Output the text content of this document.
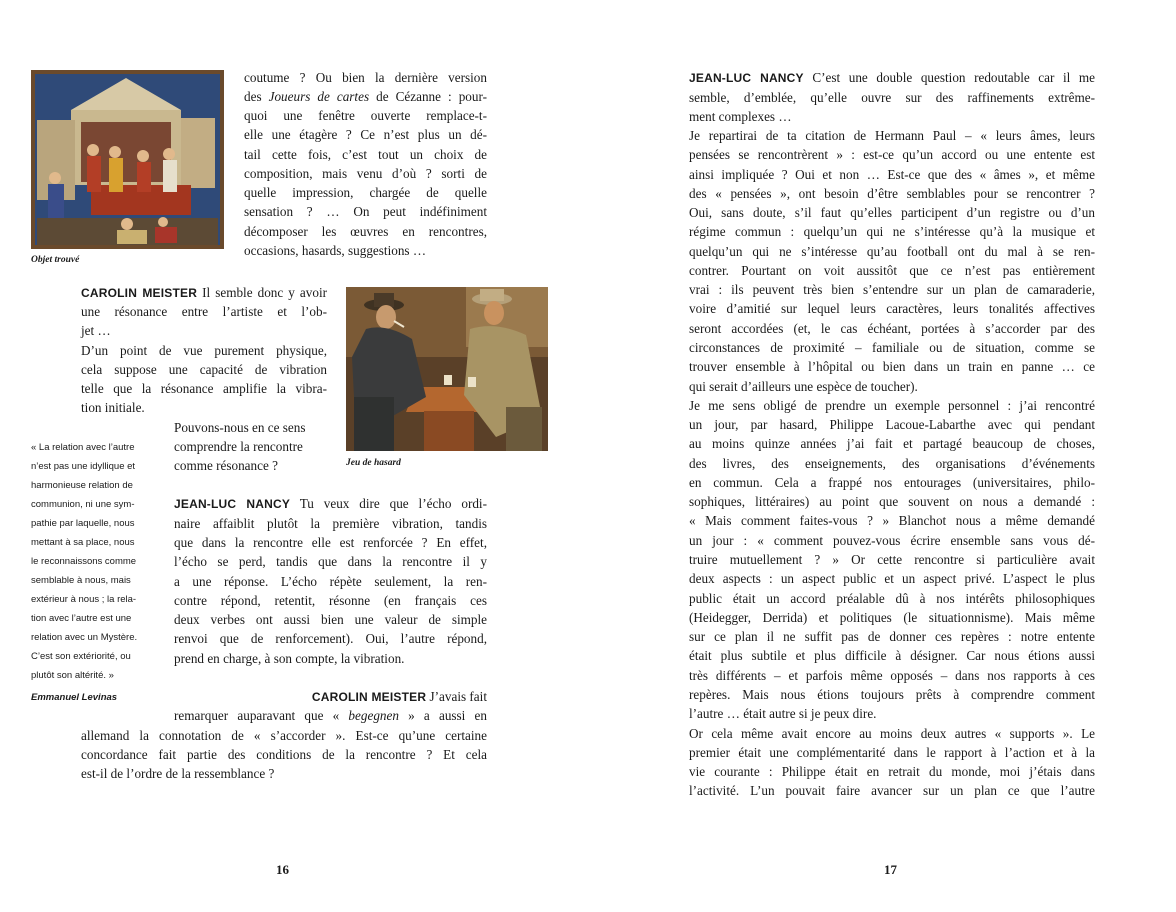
Objet trouvé
coutume ? Ou bien la dernière version
des Joueurs de cartes de Cézanne : pour-
quoi une fenêtre ouverte remplace-t-
elle une étagère ? Ce n’est plus un dé-
tail cette fois, c’est tout un choix de
composition, mais venu d’où ? sorti de
quelle impression, chargée de quelle
sensation ? … On peut indéfiniment
décomposer les œuvres en rencontres,
occasions, hasards, suggestions …
Jeu de hasard
CAROLIN MEISTER Il semble donc y avoir
une résonance entre l’artiste et l’ob-
jet …
D’un point de vue purement physique,
cela suppose une capacité de vibration
telle que la résonance amplifie la vibra-
tion initiale.
Pouvons-nous en ce sens
comprendre la rencontre
comme résonance ?
« La relation avec l’autre
n’est pas une idyllique et
harmonieuse relation de
communion, ni une sym-
pathie par laquelle, nous
mettant à sa place, nous
le reconnaissons comme
semblable à nous, mais
extérieur à nous ; la rela-
tion avec l’autre est une
relation avec un Mystère.
C’est son extériorité, ou
plutôt son altérité. »
Emmanuel Levinas
JEAN-LUC NANCY Tu veux dire que l’écho ordi-
naire affaiblit plutôt la première vibration, tandis
que dans la rencontre elle est renforcée ? En effet,
l’écho se perd, tandis que dans la rencontre il y
a une réponse. L’écho répète seulement, la ren-
contre répond, retentit, résonne (en français ces
deux verbes ont aussi bien une valeur de simple
renvoi que de renforcement). Oui, l’autre répond,
prend en charge, à son compte, la vibration.
CAROLIN MEISTER J’avais fait
remarquer auparavant que « begegnen » a aussi en
allemand la connotation de « s’accorder ». Est-ce qu’une certaine
concordance fait partie des conditions de la rencontre ? Et cela
est-il de l’ordre de la ressemblance ?
16
JEAN-LUC NANCY C’est une double question redoutable car il me
semble, d’emblée, qu’elle ouvre sur des raffinements extrême-
ment complexes …
Je repartirai de ta citation de Hermann Paul – « leurs âmes, leurs
pensées se rencontrèrent » : est-ce qu’un accord ou une entente est
ainsi impliquée ? Oui et non … Est-ce que des « âmes », et même
des « pensées », ont besoin d’être semblables pour se rencontrer ?
Oui, sans doute, s’il faut qu’elles participent d’un registre ou d’un
régime commun : quelqu’un qui ne s’intéresse qu’à la musique et
quelqu’un qui ne s’intéresse qu’au football ont du mal à se ren-
contrer. Pourtant on voit aussitôt que ce n’est pas entièrement
vrai : ils peuvent très bien s’entendre sur un plan de camaraderie,
voire d’amitié sur lequel leurs caractères, leurs tonalités affectives
seront accordées (et, le cas échéant, portées à s’accorder par des
circonstances de proximité – familiale ou de situation, comme se
trouver ensemble à l’hôpital ou bien dans un train en panne … ce
qui serait d’ailleurs une espèce de toucher).
Je me sens obligé de prendre un exemple personnel : j’ai rencontré
un jour, par hasard, Philippe Lacoue-Labarthe avec qui pendant
au moins quinze années j’ai fait et partagé beaucoup de choses,
des livres, des enseignements, des organisations d’événements
en commun. Cela a frappé nos entourages (universitaires, philo-
sophiques, littéraires) au point que souvent on nous a demandé :
« Mais comment faites-vous ? » Blanchot nous a même demandé
un jour : « comment pouvez-vous écrire ensemble sans vous dé-
truire mutuellement ? » Or cette rencontre si particulière avait
deux aspects : un aspect public et un aspect privé. L’aspect le plus
public était un accord préalable dû à nos intérêts philosophiques
(Heidegger, Derrida) et politiques (le situationnisme). Mais même
sur ce plan il ne suffit pas de donner ces repères : notre entente
était plus subtile et plus difficile à désigner. Car nous étions aussi
très différents – et parfois même opposés – dans nos rapports à ces
repères. Mais nous étions toujours prêts à comprendre comment
l’autre … était autre si je peux dire.
Or cela même avait encore au moins deux autres « supports ». Le
premier était une complémentarité dans le rapport à l’action et à la
vie courante : Philippe était en retrait du monde, moi j’étais dans
l’activité. L’un pouvait faire avancer sur un plan ce que l’autre
17
